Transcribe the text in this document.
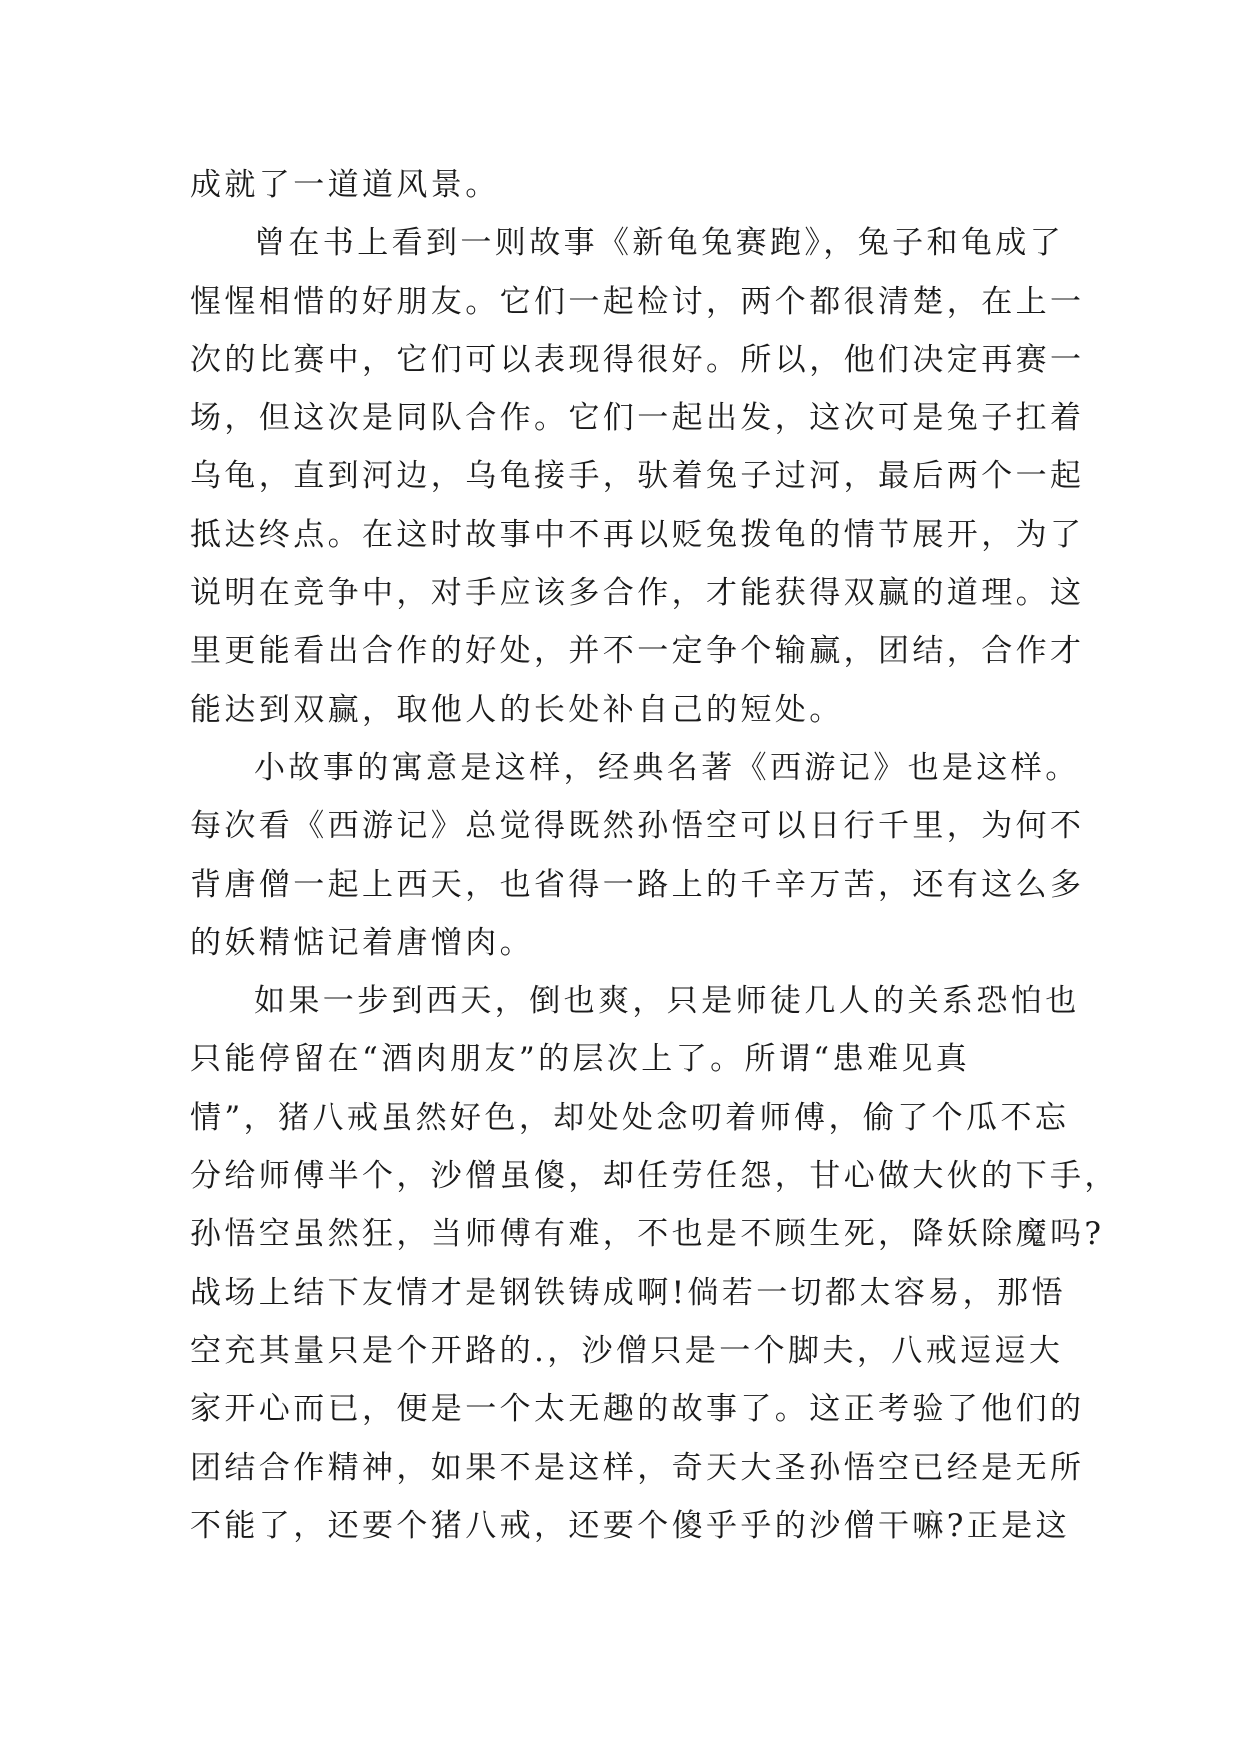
成就了一道道风景。
曾在书上看到一则故事《新龟兔赛跑》，兔子和龟成了
惺惺相惜的好朋友。它们一起检讨，两个都很清楚，在上一
次的比赛中，它们可以表现得很好。所以，他们决定再赛一
场，但这次是同队合作。它们一起出发，这次可是兔子扛着
乌龟，直到河边，乌龟接手，驮着兔子过河，最后两个一起
抵达终点。在这时故事中不再以贬兔拨龟的情节展开，为了
说明在竞争中，对手应该多合作，才能获得双赢的道理。这
里更能看出合作的好处，并不一定争个输赢，团结，合作才
能达到双赢，取他人的长处补自己的短处。
小故事的寓意是这样，经典名著《西游记》也是这样。
每次看《西游记》总觉得既然孙悟空可以日行千里，为何不
背唐僧一起上西天，也省得一路上的千辛万苦，还有这么多
的妖精惦记着唐憎肉。
如果一步到西天，倒也爽，只是师徒几人的关系恐怕也
只能停留在“酒肉朋友”的层次上了。所谓“患难见真
情”，猪八戒虽然好色，却处处念叨着师傅，偷了个瓜不忘
分给师傅半个，沙僧虽傻，却任劳任怨，甘心做大伙的下手，
孙悟空虽然狂，当师傅有难，不也是不顾生死，降妖除魔吗?
战场上结下友情才是钢铁铸成啊!倘若一切都太容易，那悟
空充其量只是个开路的.，沙僧只是一个脚夫，八戒逗逗大
家开心而已，便是一个太无趣的故事了。这正考验了他们的
团结合作精神，如果不是这样，奇天大圣孙悟空已经是无所
不能了，还要个猪八戒，还要个傻乎乎的沙僧干嘛?正是这
